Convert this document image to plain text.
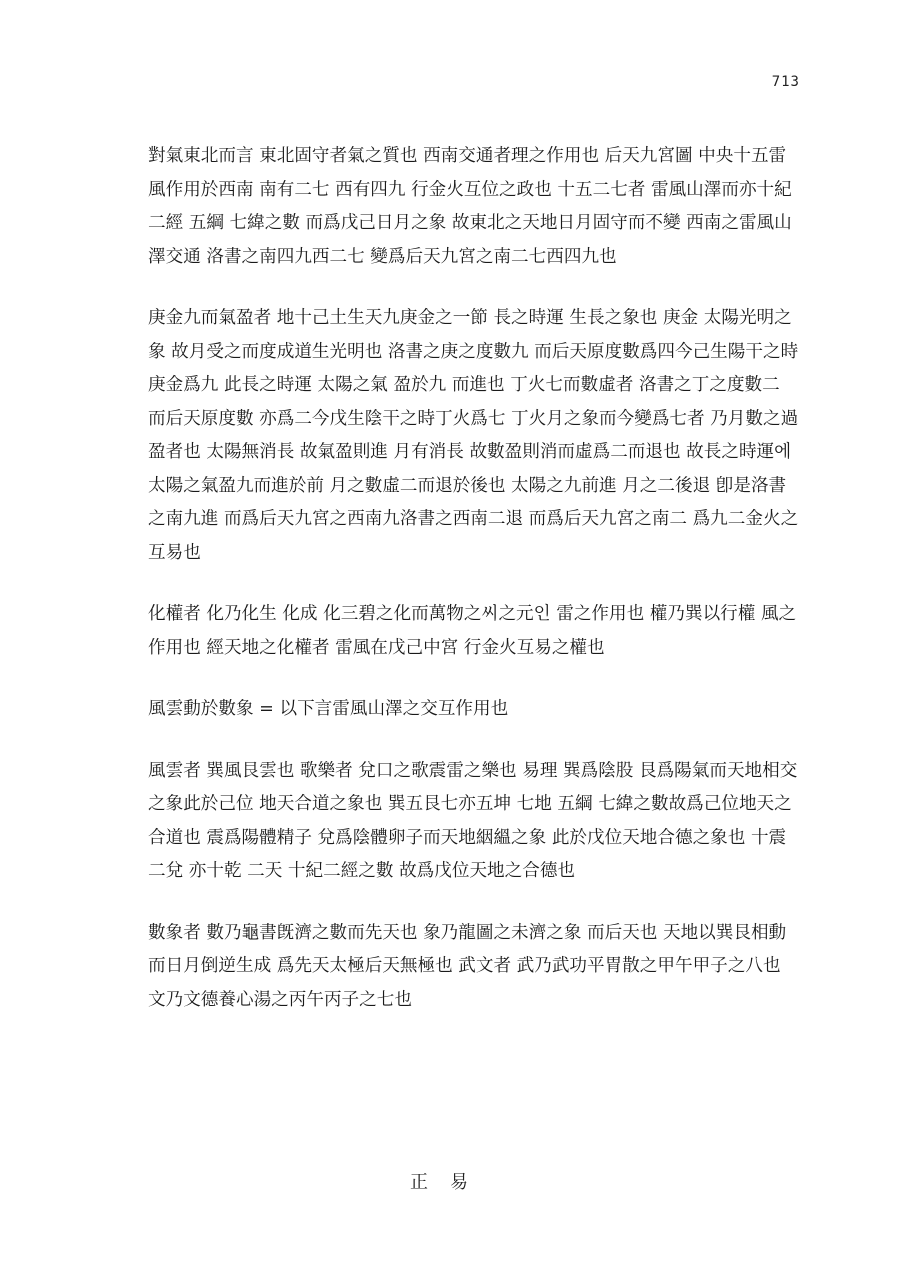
713

對氣東北而言 東北固守者氣之質也 西南交通者理之作用也 后天九宮圖 中央十五雷風作用於西南 南有二七 西有四九 行金火互位之政也 十五二七者 雷風山澤而亦十紀 二經 五綱 七緯之數 而爲戊己日月之象 故東北之天地日月固守而不變 西南之雷風山澤交通 洛書之南四九西二七 變爲后天九宮之南二七西四九也

庚金九而氣盈者 地十己土生天九庚金之一節 長之時運 生長之象也 庚金 太陽光明之象 故月受之而度成道生光明也 洛書之庚之度數九 而后天原度數爲四今己生陽干之時庚金爲九 此長之時運 太陽之氣 盈於九 而進也 丁火七而數虛者 洛書之丁之度數二 而后天原度數 亦爲二今戊生陰干之時丁火爲七 丁火月之象而今變爲七者 乃月數之過盈者也 太陽無消長 故氣盈則進 月有消長 故數盈則消而虛爲二而退也 故長之時運에 太陽之氣盈九而進於前 月之數虛二而退於後也 太陽之九前進 月之二後退 卽是洛書之南九進 而爲后天九宮之西南九洛書之西南二退 而爲后天九宮之南二 爲九二金火之互易也

化權者 化乃化生 化成 化三碧之化而萬物之씨之元인 雷之作用也 權乃巽以行權 風之作用也 經天地之化權者 雷風在戊己中宮 行金火互易之權也

風雲動於數象 = 以下言雷風山澤之交互作用也

風雲者 巽風艮雲也 歌樂者 兌口之歌震雷之樂也 易理 巽爲陰股 艮爲陽氣而天地相交之象此於己位 地天合道之象也 巽五艮七亦五坤 七地 五綱 七緯之數故爲己位地天之合道也 震爲陽體精子 兌爲陰體卵子而天地絪縕之象 此於戊位天地合德之象也 十震 二兌 亦十乾 二天 十紀二經之數 故爲戊位天地之合德也

數象者 數乃龜書旣濟之數而先天也 象乃龍圖之未濟之象 而后天也 天地以巽艮相動而日月倒逆生成 爲先天太極后天無極也 武文者 武乃武功平胃散之甲午甲子之八也 文乃文德養心湯之丙午丙子之七也

正易
